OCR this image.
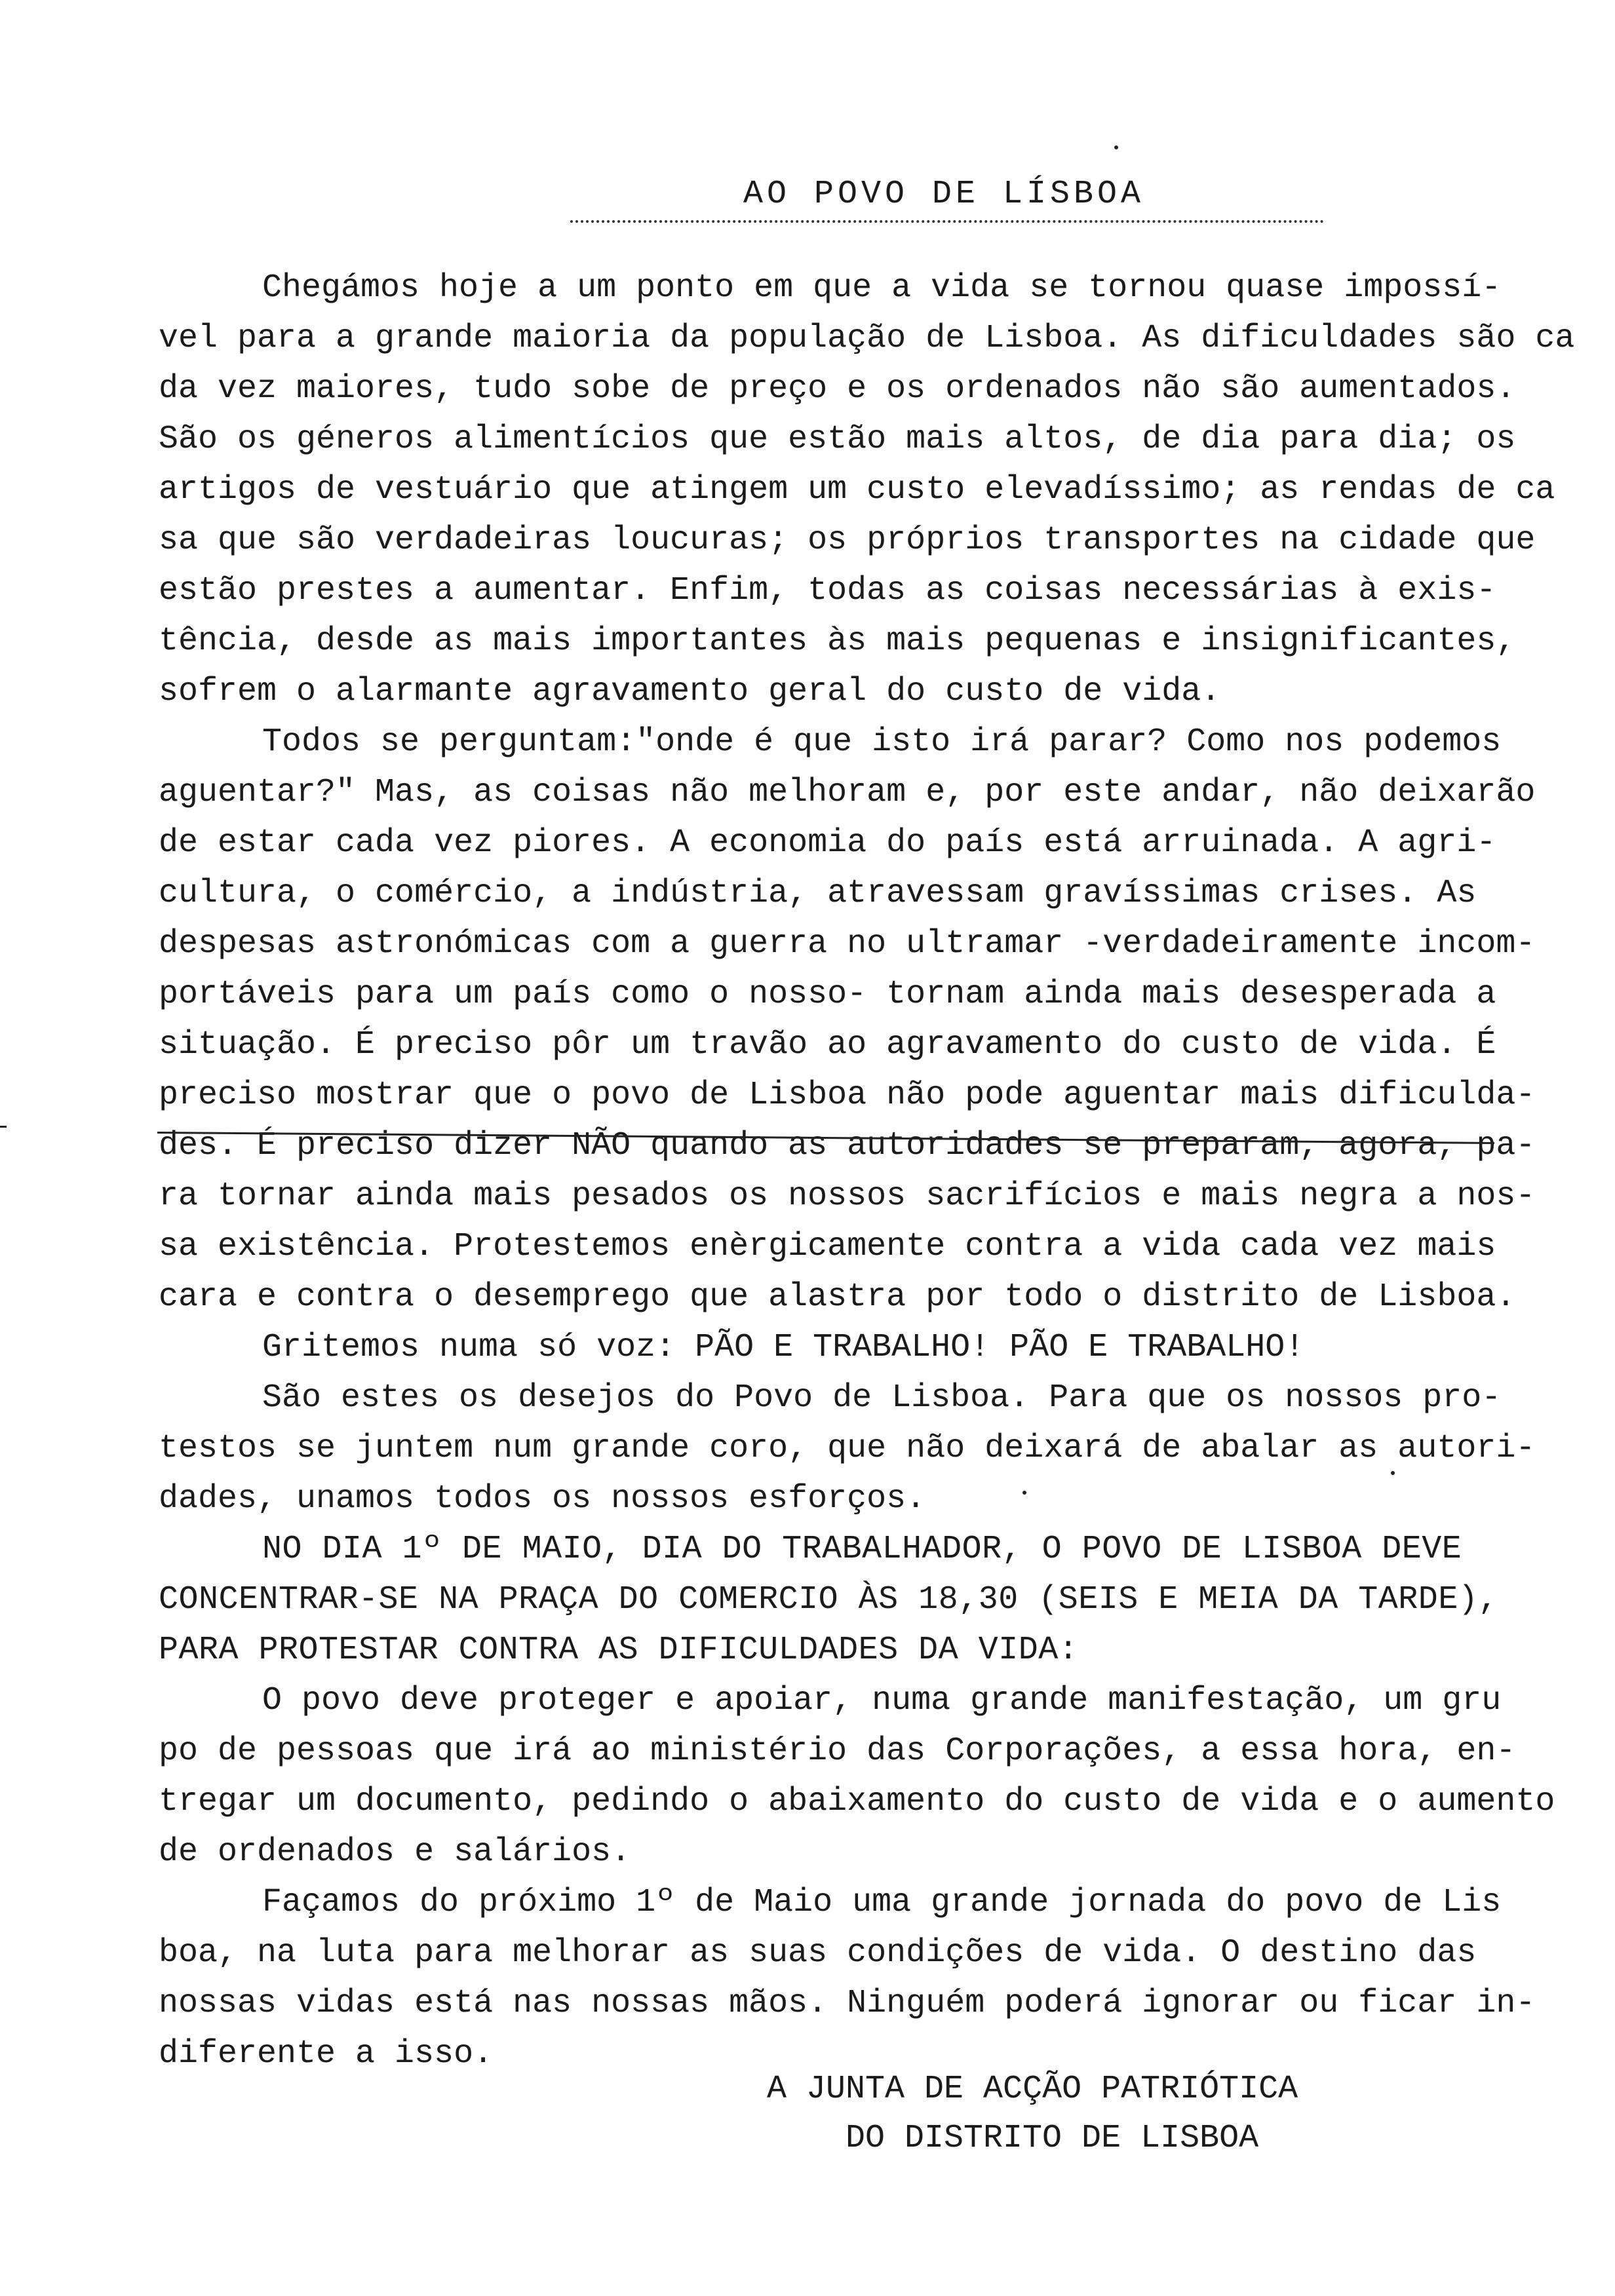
AO POVO DE LÍSBOA
Chegámos hoje a um ponto em que a vida se tornou quase impossí-
vel para a grande maioria da população de Lisboa. As dificuldades são ca
da vez maiores, tudo sobe de preço e os ordenados não são aumentados.
São os géneros alimentícios que estão mais altos, de dia para dia; os
artigos de vestuário que atingem um custo elevadíssimo; as rendas de ca
sa que são verdadeiras loucuras; os próprios transportes na cidade que
estão prestes a aumentar. Enfim, todas as coisas necessárias à exis-
tência, desde as mais importantes às mais pequenas e insignificantes,
sofrem o alarmante agravamento geral do custo de vida.
Todos se perguntam:"onde é que isto irá parar? Como nos podemos
aguentar?" Mas, as coisas não melhoram e, por este andar, não deixarão
de estar cada vez piores. A economia do país está arruinada. A agri-
cultura, o comércio, a indústria, atravessam gravíssimas crises. As
despesas astronómicas com a guerra no ultramar -verdadeiramente incom-
portáveis para um país como o nosso- tornam ainda mais desesperada a
situação. É preciso pôr um travão ao agravamento do custo de vida. É
preciso mostrar que o povo de Lisboa não pode aguentar mais dificulda-
des. É preciso dizer NÃO quando as autoridades se preparam, agora, pa-
ra tornar ainda mais pesados os nossos sacrifícios e mais negra a nos-
sa existência. Protestemos enèrgicamente contra a vida cada vez mais
cara e contra o desemprego que alastra por todo o distrito de Lisboa.
Gritemos numa só voz: PÃO E TRABALHO! PÃO E TRABALHO!
São estes os desejos do Povo de Lisboa. Para que os nossos pro-
testos se juntem num grande coro, que não deixará de abalar as autori-
dades, unamos todos os nossos esforços.
NO DIA 1º DE MAIO, DIA DO TRABALHADOR, O POVO DE LISBOA DEVE
CONCENTRAR-SE NA PRAÇA DO COMERCIO ÀS 18,30 (SEIS E MEIA DA TARDE),
PARA PROTESTAR CONTRA AS DIFICULDADES DA VIDA:
O povo deve proteger e apoiar, numa grande manifestação, um gru
po de pessoas que irá ao ministério das Corporações, a essa hora, en-
tregar um documento, pedindo o abaixamento do custo de vida e o aumento
de ordenados e salários.
Façamos do próximo 1º de Maio uma grande jornada do povo de Lis
boa, na luta para melhorar as suas condições de vida. O destino das
nossas vidas está nas nossas mãos. Ninguém poderá ignorar ou ficar in-
diferente a isso.
A JUNTA DE ACÇÃO PATRIÓTICA
DO DISTRITO DE LISBOA
